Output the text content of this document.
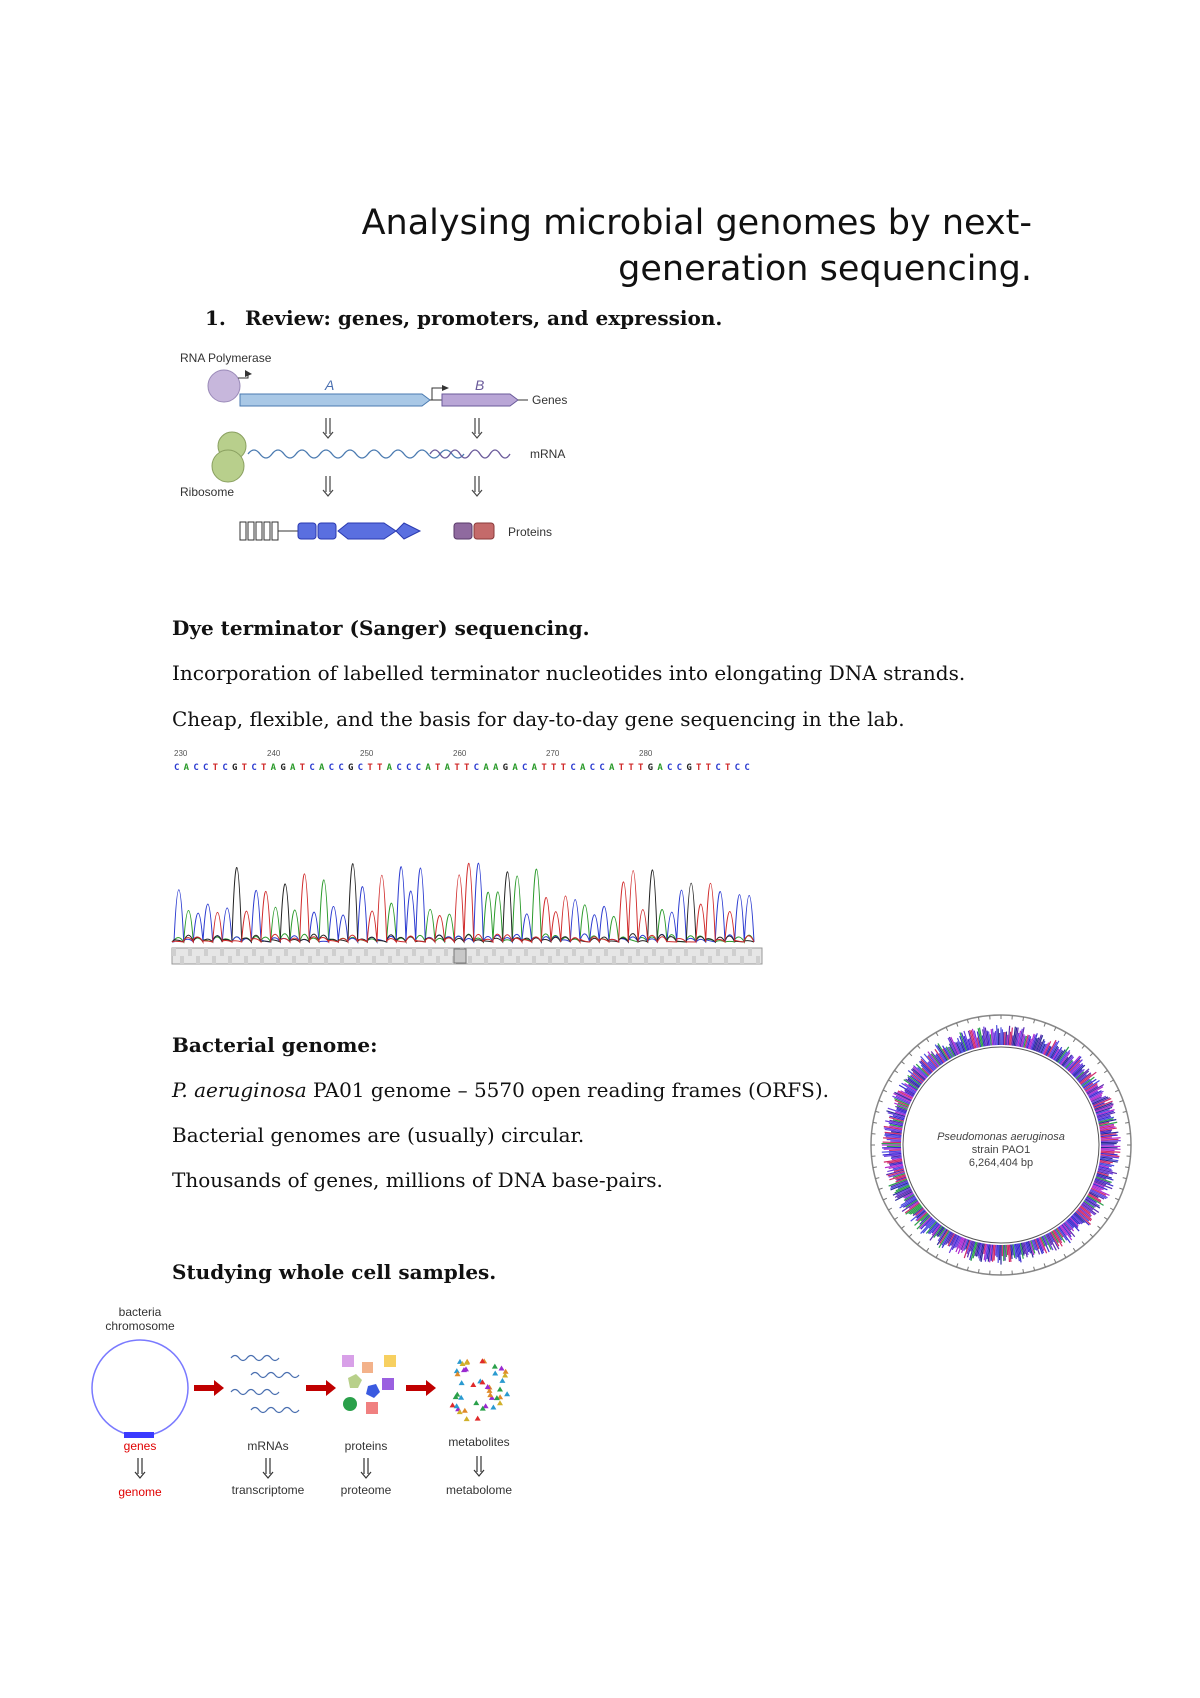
Analysing microbial genomes by next-generation sequencing.
1. Review: genes, promoters, and expression.
RNA Polymerase
A	B
Genes
mRNA
Ribosome
Proteins
Dye terminator (Sanger) sequencing.
Incorporation of labelled terminator nucleotides into elongating DNA strands.
Cheap, flexible, and the basis for day-to-day gene sequencing in the lab.
230	240	250	260	270	280
C A C C T C G T C T A G A T C A C C G C T T A C C C A T A T T C A A G A C A T T T C A C C A T T T G A C C G T T C T C C
Bacterial genome:
P. aeruginosa PA01 genome – 5570 open reading frames (ORFS).
Bacterial genomes are (usually) circular.
Thousands of genes, millions of DNA base-pairs.
Pseudomonas aeruginosa
strain PAO1
6,264,404 bp
Studying whole cell samples.
bacteria
chromosome
genes
genome
mRNAs
transcriptome
proteins
proteome
metabolites
metabolome
